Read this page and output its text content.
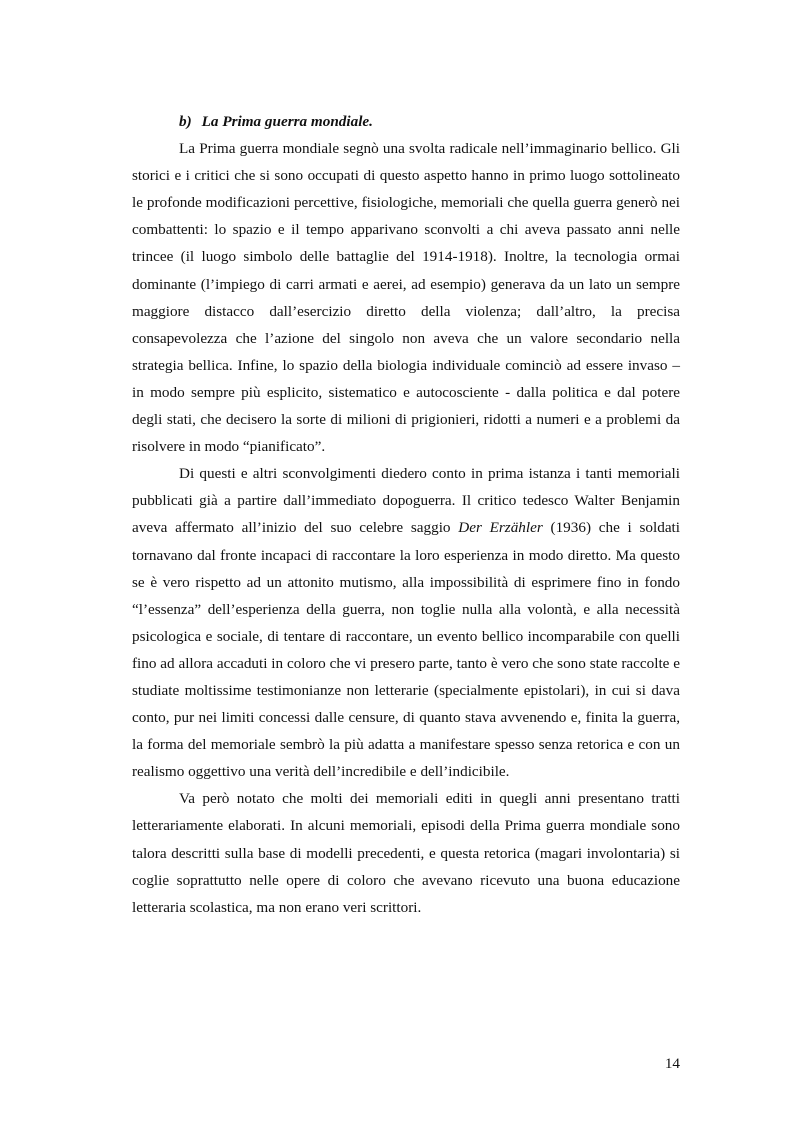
b) La Prima guerra mondiale.

La Prima guerra mondiale segnò una svolta radicale nell’immaginario bellico. Gli storici e i critici che si sono occupati di questo aspetto hanno in primo luogo sottolineato le profonde modificazioni percettive, fisiologiche, memoriali che quella guerra generò nei combattenti: lo spazio e il tempo apparivano sconvolti a chi aveva passato anni nelle trincee (il luogo simbolo delle battaglie del 1914-1918). Inoltre, la tecnologia ormai dominante (l’impiego di carri armati e aerei, ad esempio) generava da un lato un sempre maggiore distacco dall’esercizio diretto della violenza; dall’altro, la precisa consapevolezza che l’azione del singolo non aveva che un valore secondario nella strategia bellica. Infine, lo spazio della biologia individuale cominciò ad essere invaso – in modo sempre più esplicito, sistematico e autocosciente - dalla politica e dal potere degli stati, che decisero la sorte di milioni di prigionieri, ridotti a numeri e a problemi da risolvere in modo “pianificato”.

Di questi e altri sconvolgimenti diedero conto in prima istanza i tanti memoriali pubblicati già a partire dall’immediato dopoguerra. Il critico tedesco Walter Benjamin aveva affermato all’inizio del suo celebre saggio Der Erzähler (1936) che i soldati tornavano dal fronte incapaci di raccontare la loro esperienza in modo diretto. Ma questo se è vero rispetto ad un attonito mutismo, alla impossibilità di esprimere fino in fondo “l’essenza” dell’esperienza della guerra, non toglie nulla alla volontà, e alla necessità psicologica e sociale, di tentare di raccontare, un evento bellico incomparabile con quelli fino ad allora accaduti in coloro che vi presero parte, tanto è vero che sono state raccolte e studiate moltissime testimonianze non letterarie (specialmente epistolari), in cui si dava conto, pur nei limiti concessi dalle censure, di quanto stava avvenendo e, finita la guerra, la forma del memoriale sembrò la più adatta a manifestare spesso senza retorica e con un realismo oggettivo una verità dell’incredibile e dell’indicibile.

Va però notato che molti dei memoriali editi in quegli anni presentano tratti letterariamente elaborati. In alcuni memoriali, episodi della Prima guerra mondiale sono talora descritti sulla base di modelli precedenti, e questa retorica (magari involontaria) si coglie soprattutto nelle opere di coloro che avevano ricevuto una buona educazione letteraria scolastica, ma non erano veri scrittori.

14
